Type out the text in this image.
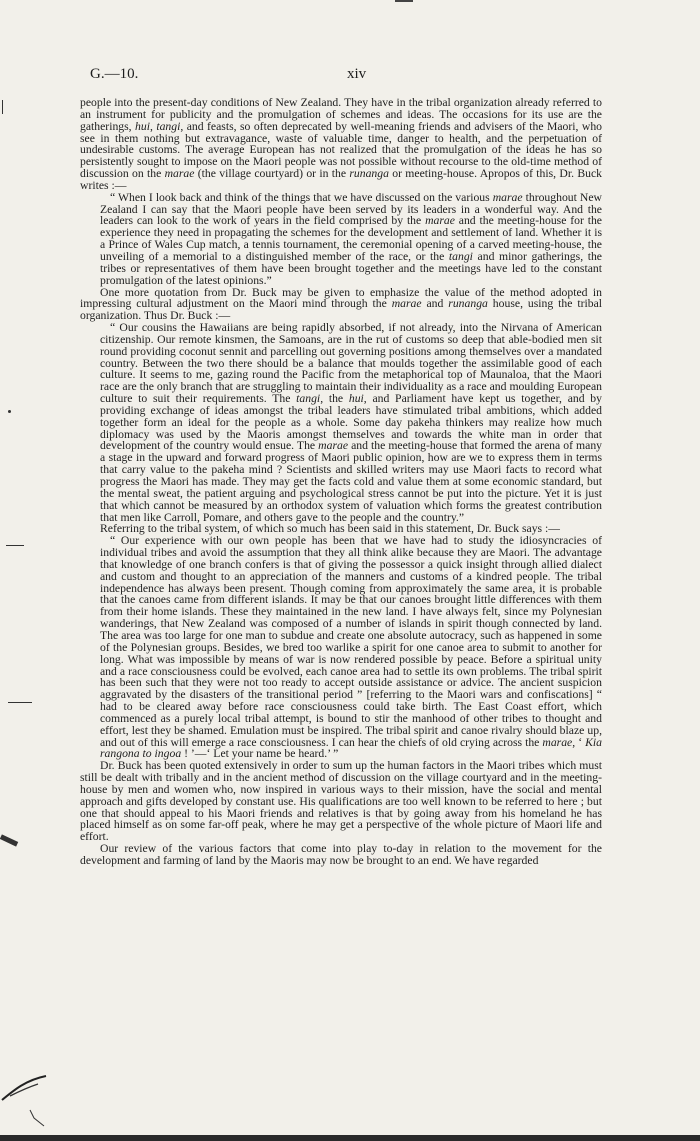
G.—10.	xiv

people into the present-day conditions of New Zealand. They have in the tribal organization already referred to an instrument for publicity and the promulgation of schemes and ideas. The occasions for its use are the gatherings, hui, tangi, and feasts, so often deprecated by well-meaning friends and advisers of the Maori, who see in them nothing but extravagance, waste of valuable time, danger to health, and the perpetuation of undesirable customs. The average European has not realized that the promulgation of the ideas he has so persistently sought to impose on the Maori people was not possible without recourse to the old-time method of discussion on the marae (the village courtyard) or in the runanga or meeting-house. Apropos of this, Dr. Buck writes :—

“ When I look back and think of the things that we have discussed on the various marae throughout New Zealand I can say that the Maori people have been served by its leaders in a wonderful way. And the leaders can look to the work of years in the field comprised by the marae and the meeting-house for the experience they need in propagating the schemes for the development and settlement of land. Whether it is a Prince of Wales Cup match, a tennis tournament, the ceremonial opening of a carved meeting-house, the unveiling of a memorial to a distinguished member of the race, or the tangi and minor gatherings, the tribes or representatives of them have been brought together and the meetings have led to the constant promulgation of the latest opinions.”

One more quotation from Dr. Buck may be given to emphasize the value of the method adopted in impressing cultural adjustment on the Maori mind through the marae and runanga house, using the tribal organization. Thus Dr. Buck :—

“ Our cousins the Hawaiians are being rapidly absorbed, if not already, into the Nirvana of American citizenship. Our remote kinsmen, the Samoans, are in the rut of customs so deep that able-bodied men sit round providing coconut sennit and parcelling out governing positions among themselves over a mandated country. Between the two there should be a balance that moulds together the assimilable good of each culture. It seems to me, gazing round the Pacific from the metaphorical top of Maunaloa, that the Maori race are the only branch that are struggling to maintain their individuality as a race and moulding European culture to suit their requirements. The tangi, the hui, and Parliament have kept us together, and by providing exchange of ideas amongst the tribal leaders have stimulated tribal ambitions, which added together form an ideal for the people as a whole. Some day pakeha thinkers may realize how much diplomacy was used by the Maoris amongst themselves and towards the white man in order that development of the country would ensue. The marae and the meeting-house that formed the arena of many a stage in the upward and forward progress of Maori public opinion, how are we to express them in terms that carry value to the pakeha mind ? Scientists and skilled writers may use Maori facts to record what progress the Maori has made. They may get the facts cold and value them at some economic standard, but the mental sweat, the patient arguing and psychological stress cannot be put into the picture. Yet it is just that which cannot be measured by an orthodox system of valuation which forms the greatest contribution that men like Carroll, Pomare, and others gave to the people and the country.”

Referring to the tribal system, of which so much has been said in this statement, Dr. Buck says :—

“ Our experience with our own people has been that we have had to study the idiosyncracies of individual tribes and avoid the assumption that they all think alike because they are Maori. The advantage that knowledge of one branch confers is that of giving the possessor a quick insight through allied dialect and custom and thought to an appreciation of the manners and customs of a kindred people. The tribal independence has always been present. Though coming from approximately the same area, it is probable that the canoes came from different islands. It may be that our canoes brought little differences with them from their home islands. These they maintained in the new land. I have always felt, since my Polynesian wanderings, that New Zealand was composed of a number of islands in spirit though connected by land. The area was too large for one man to subdue and create one absolute autocracy, such as happened in some of the Polynesian groups. Besides, we bred too warlike a spirit for one canoe area to submit to another for long. What was impossible by means of war is now rendered possible by peace. Before a spiritual unity and a race consciousness could be evolved, each canoe area had to settle its own problems. The tribal spirit has been such that they were not too ready to accept outside assistance or advice. The ancient suspicion aggravated by the disasters of the transitional period ” [referring to the Maori wars and confiscations] “ had to be cleared away before race consciousness could take birth. The East Coast effort, which commenced as a purely local tribal attempt, is bound to stir the manhood of other tribes to thought and effort, lest they be shamed. Emulation must be inspired. The tribal spirit and canoe rivalry should blaze up, and out of this will emerge a race consciousness. I can hear the chiefs of old crying across the marae, ‘ Kia rangona to ingoa ! ’—‘ Let your name be heard.’ ”

Dr. Buck has been quoted extensively in order to sum up the human factors in the Maori tribes which must still be dealt with tribally and in the ancient method of discussion on the village courtyard and in the meeting-house by men and women who, now inspired in various ways to their mission, have the social and mental approach and gifts developed by constant use. His qualifications are too well known to be referred to here ; but one that should appeal to his Maori friends and relatives is that by going away from his homeland he has placed himself as on some far-off peak, where he may get a perspective of the whole picture of Maori life and effort.

Our review of the various factors that come into play to-day in relation to the movement for the development and farming of land by the Maoris may now be brought to an end. We have regarded
